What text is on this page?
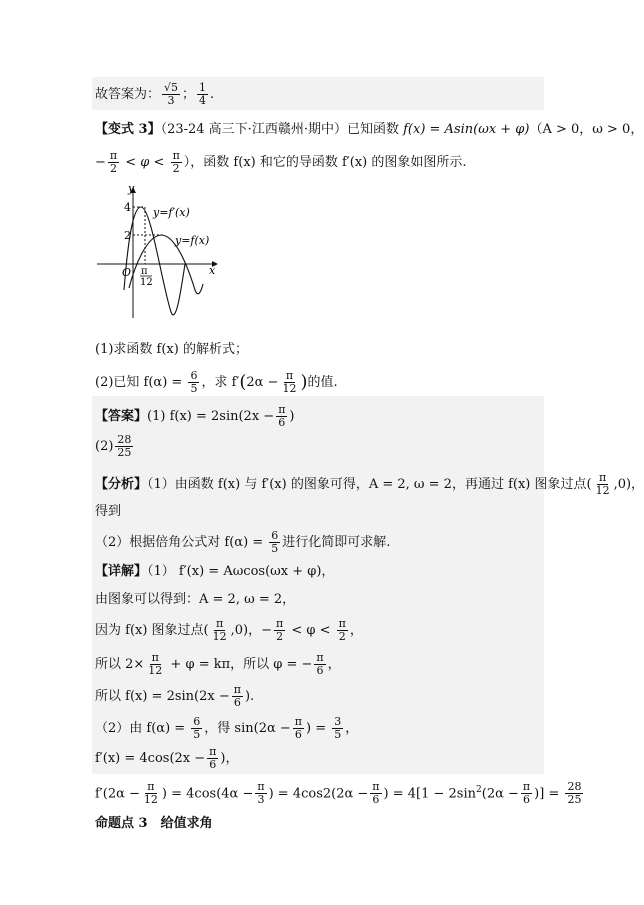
故答案为： $\frac{√5}{3}$ ； $\frac{1}{4}$ .
【变式 3】（23-24 高三下·江西赣州·期中）已知函数 f(x) = Asin(ωx + φ)（A > 0，ω > 0，
− $\frac{\pi}{2} < \varphi < \frac{\pi}{2}$ ），函数 f(x) 和它的导函数 f′(x) 的图象如图所示.
y
x
O
4
2
π
12
y=f′(x)
y=f(x)
(1)求函数 f(x) 的解析式；
(2)已知 $f(\alpha) = \frac{6}{5}$ ，求 $f'(2\alpha - \frac{\pi}{12}$ )的值.
【答案】(1) $f(x) = 2\sin(2x - \frac{\pi}{6}$ )
$(2) \frac{28}{25}$
【分析】（1）由函数 f(x) 与 f′(x) 的图象可得，A = 2, ω = 2，再通过 f(x) 图象过点( $\frac{\pi}{12} ,0$)，
得到
（2）根据倍角公式对 $f(\alpha) = \frac{6}{5}$ 进行化简即可求解.
【详解】（1） f′(x) = Aωcos(ωx + φ)，
由图象可以得到：A = 2, ω = 2，
因为 f(x) 图象过点( $\frac{\pi}{12} ,0$)，− $\frac{\pi}{2} < \varphi < \frac{\pi}{2}$ ，
所以 $2\times \frac{\pi}{12} + \varphi = k\pi$，所以 φ = − $\frac{\pi}{6}$ ，
所以 $f(x) = 2\sin(2x - \frac{\pi}{6}$ ).
（2）由 $f(\alpha) = \frac{6}{5}$ ，得 $\sin(2\alpha - \frac{\pi}{6}$ ) = $\frac{3}{5}$ ，
$f'(x) = 4\cos(2x - \frac{\pi}{6}$ )，
$f'(2\alpha - \frac{\pi}{12}$ ) = $4\cos(4\alpha - \frac{\pi}{3}$ ) = $4\cos 2(2\alpha - \frac{\pi}{6}$ ) = $4[1 - 2\sin^2(2\alpha - \frac{\pi}{6}$ )] = $\frac{28}{25}$
命题点 3　给值求角
